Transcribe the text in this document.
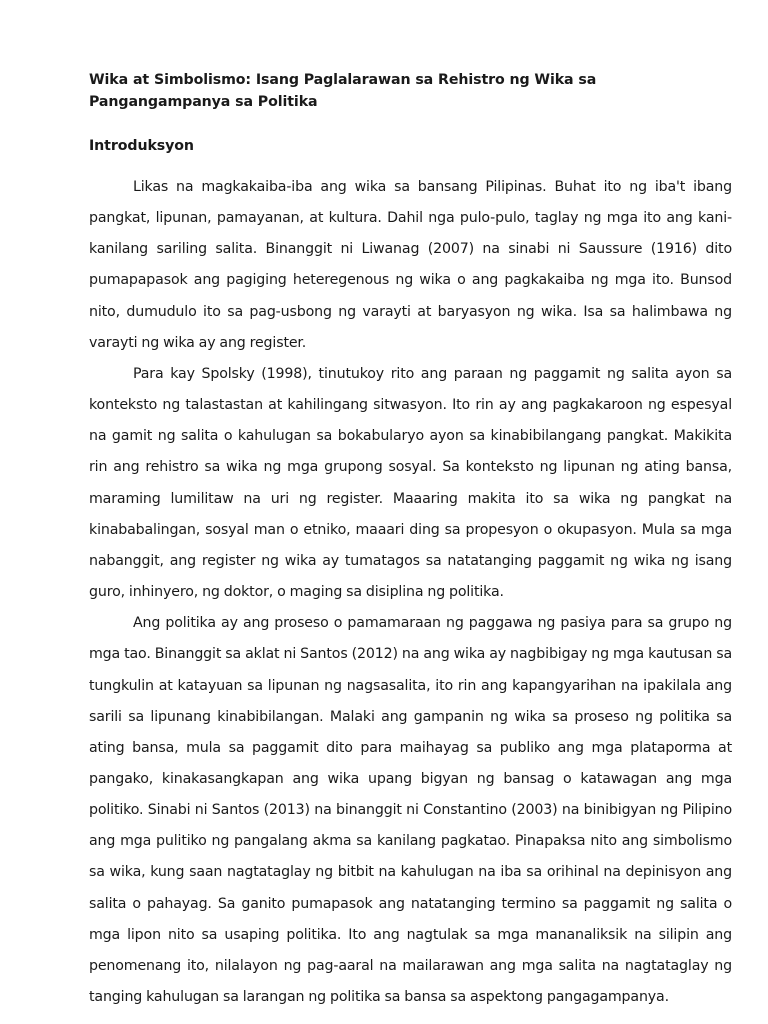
Wika at Simbolismo: Isang Paglalarawan sa Rehistro ng Wika sa Pangangampanya sa Politika
Introduksyon

Likas na magkakaiba-iba ang wika sa bansang Pilipinas. Buhat ito ng iba't ibang pangkat, lipunan, pamayanan, at kultura. Dahil nga pulo-pulo, taglay ng mga ito ang kani-kanilang sariling salita. Binanggit ni Liwanag (2007) na sinabi ni Saussure (1916) dito pumapapasok ang pagiging heteregenous ng wika o ang pagkakaiba ng mga ito. Bunsod nito, dumudulo ito sa pag-usbong ng varayti at baryasyon ng wika. Isa sa halimbawa ng varayti ng wika ay ang register.

Para kay Spolsky (1998), tinutukoy rito ang paraan ng paggamit ng salita ayon sa konteksto ng talastastan at kahilingang sitwasyon. Ito rin ay ang pagkakaroon ng espesyal na gamit ng salita o kahulugan sa bokabularyo ayon sa kinabibilangang pangkat. Makikita rin ang rehistro sa wika ng mga grupong sosyal. Sa konteksto ng lipunan ng ating bansa, maraming lumilitaw na uri ng register. Maaaring makita ito sa wika ng pangkat na kinababalingan, sosyal man o etniko, maaari ding sa propesyon o okupasyon. Mula sa mga nabanggit, ang register ng wika ay tumatagos sa natatanging paggamit ng wika ng isang guro, inhinyero, ng doktor, o maging sa disiplina ng politika.

Ang politika ay ang proseso o pamamaraan ng paggawa ng pasiya para sa grupo ng mga tao. Binanggit sa aklat ni Santos (2012) na ang wika ay nagbibigay ng mga kautusan sa tungkulin at katayuan sa lipunan ng nagsasalita, ito rin ang kapangyarihan na ipakilala ang sarili sa lipunang kinabibilangan. Malaki ang gampanin ng wika sa proseso ng politika sa ating bansa, mula sa paggamit dito para maihayag sa publiko ang mga plataporma at pangako, kinakasangkapan ang wika upang bigyan ng bansag o katawagan ang mga politiko. Sinabi ni Santos (2013) na binanggit ni Constantino (2003) na binibigyan ng Pilipino ang mga pulitiko ng pangalang akma sa kanilang pagkatao. Pinapaksa nito ang simbolismo sa wika, kung saan nagtataglay ng bitbit na kahulugan na iba sa orihinal na depinisyon ang salita o pahayag. Sa ganito pumapasok ang natatanging termino sa paggamit ng salita o mga lipon nito sa usaping politika. Ito ang nagtulak sa mga mananaliksik na silipin ang penomenang ito, nilalayon ng pag-aaral na mailarawan ang mga salita na nagtataglay ng tanging kahulugan sa larangan ng politika sa bansa sa aspektong pangagampanya.
